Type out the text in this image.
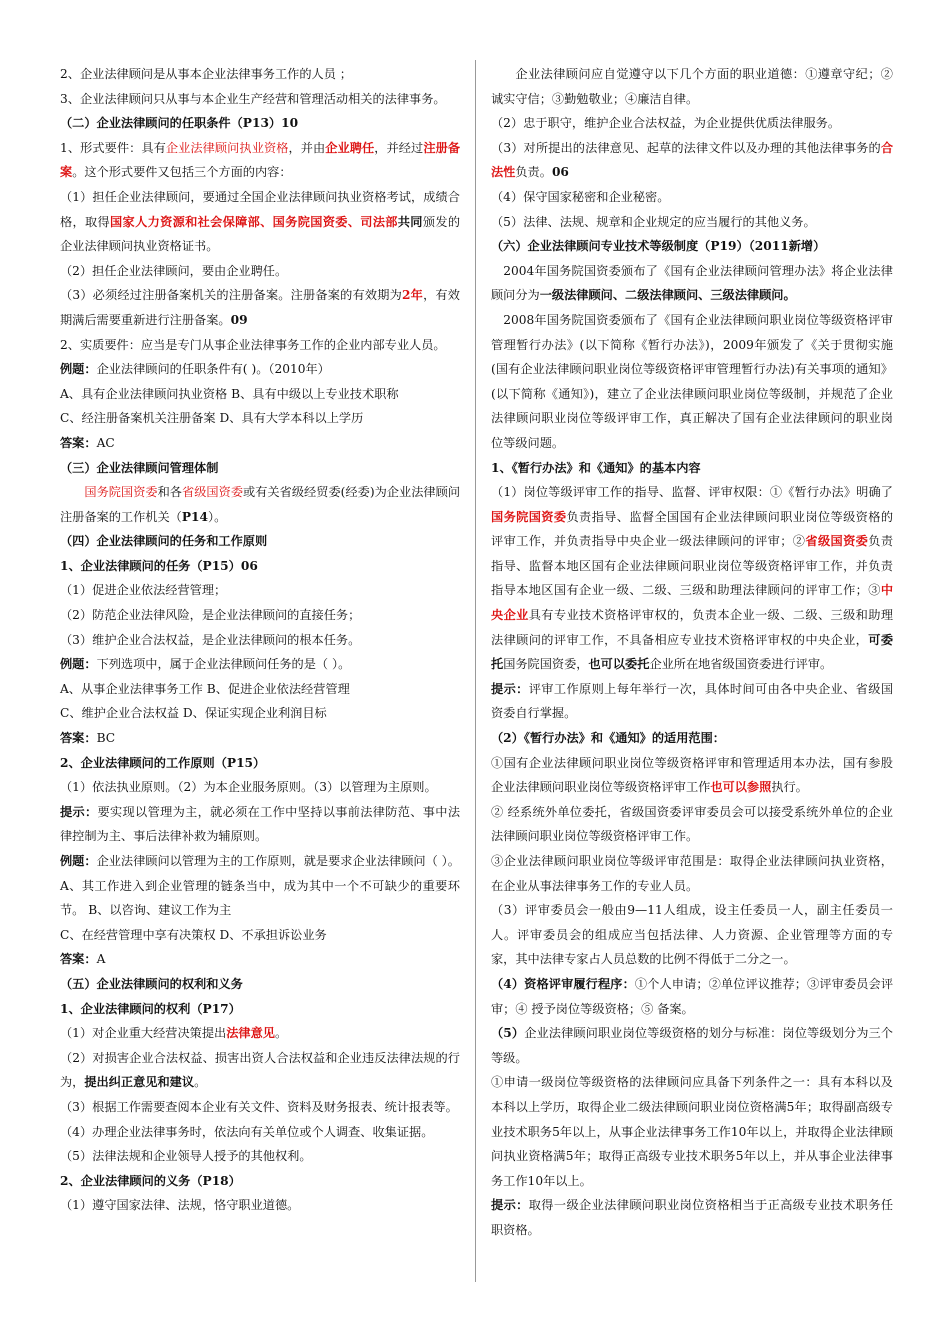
2、企业法律顾问是从事本企业法律事务工作的人员 ；

3、企业法律顾问只从事与本企业生产经营和管理活动相关的法律事务。

（二）企业法律顾问的任职条件（P13）10

1、形式要件：具有企业法律顾问执业资格，并由企业聘任，并经过注册备案。这个形式要件又包括三个方面的内容：

（1）担任企业法律顾问，要通过全国企业法律顾问执业资格考试，成绩合格，取得国家人力资源和社会保障部、国务院国资委、司法部共同颁发的企业法律顾问执业资格证书。

（2）担任企业法律顾问，要由企业聘任。

（3）必须经过注册备案机关的注册备案。注册备案的有效期为2年，有效期满后需要重新进行注册备案。09

2、实质要件：应当是专门从事企业法律事务工作的企业内部专业人员。

例题：企业法律顾问的任职条件有( )。（2010年）

A、具有企业法律顾问执业资格 B、具有中级以上专业技术职称

C、经注册备案机关注册备案 D、具有大学本科以上学历

答案：AC

（三）企业法律顾问管理体制

国务院国资委和各省级国资委或有关省级经贸委(经委)为企业法律顾问注册备案的工作机关（P14）。

（四）企业法律顾问的任务和工作原则

1、企业法律顾问的任务（P15）06

（1）促进企业依法经营管理；

（2）防范企业法律风险，是企业法律顾问的直接任务；

（3）维护企业合法权益，是企业法律顾问的根本任务。

例题：下列选项中，属于企业法律顾问任务的是（ ）。

A、从事企业法律事务工作 B、促进企业依法经营管理

C、维护企业合法权益 D、保证实现企业利润目标

答案：BC

2、企业法律顾问的工作原则（P15）

（1）依法执业原则。（2）为本企业服务原则。（3）以管理为主原则。

提示：要实现以管理为主，就必须在工作中坚持以事前法律防范、事中法律控制为主、事后法律补救为辅原则。

例题：企业法律顾问以管理为主的工作原则，就是要求企业法律顾问（ ）。

A、其工作进入到企业管理的链条当中，成为其中一个不可缺少的重要环节。 B、以咨询、建议工作为主

C、在经营管理中享有决策权 D、不承担诉讼业务

答案：A

（五）企业法律顾问的权利和义务

1、企业法律顾问的权利（P17）

（1）对企业重大经营决策提出法律意见。

（2）对损害企业合法权益、损害出资人合法权益和企业违反法律法规的行为，提出纠正意见和建议。

（3）根据工作需要查阅本企业有关文件、资料及财务报表、统计报表等。

（4）办理企业法律事务时，依法向有关单位或个人调查、收集证据。

（5）法律法规和企业领导人授予的其他权利。

2、企业法律顾问的义务（P18）

（1）遵守国家法律、法规，恪守职业道德。

企业法律顾问应自觉遵守以下几个方面的职业道德：①遵章守纪；②诚实守信；③勤勉敬业；④廉洁自律。

（2）忠于职守，维护企业合法权益，为企业提供优质法律服务。

（3）对所提出的法律意见、起草的法律文件以及办理的其他法律事务的合法性负责。06

（4）保守国家秘密和企业秘密。

（5）法律、法规、规章和企业规定的应当履行的其他义务。

（六）企业法律顾问专业技术等级制度（P19）（2011新增）

2004年国务院国资委颁布了《国有企业法律顾问管理办法》将企业法律顾问分为一级法律顾问、二级法律顾问、三级法律顾问。

2008年国务院国资委颁布了《国有企业法律顾问职业岗位等级资格评审管理暂行办法》(以下简称《暂行办法》)，2009年颁发了《关于贯彻实施(国有企业法律顾问职业岗位等级资格评审管理暂行办法)有关事项的通知》(以下简称《通知》)，建立了企业法律顾问职业岗位等级制，并规范了企业法律顾问职业岗位等级评审工作，真正解决了国有企业法律顾问的职业岗位等级问题。

1、《暂行办法》和《通知》的基本内容

（1）岗位等级评审工作的指导、监督、评审权限：①《暂行办法》明确了国务院国资委负责指导、监督全国国有企业法律顾问职业岗位等级资格的评审工作，并负责指导中央企业一级法律顾问的评审；②省级国资委负责指导、监督本地区国有企业法律顾问职业岗位等级资格评审工作，并负责指导本地区国有企业一级、二级、三级和助理法律顾问的评审工作；③中央企业具有专业技术资格评审权的，负责本企业一级、二级、三级和助理法律顾问的评审工作，不具备相应专业技术资格评审权的中央企业，可委托国务院国资委，也可以委托企业所在地省级国资委进行评审。

提示：评审工作原则上每年举行一次，具体时间可由各中央企业、省级国资委自行掌握。

（2）《暂行办法》和《通知》的适用范围：

①国有企业法律顾问职业岗位等级资格评审和管理适用本办法，国有参股企业法律顾问职业岗位等级资格评审工作也可以参照执行。

② 经系统外单位委托，省级国资委评审委员会可以接受系统外单位的企业法律顾问职业岗位等级资格评审工作。

③企业法律顾问职业岗位等级评审范围是：取得企业法律顾问执业资格，在企业从事法律事务工作的专业人员。

（3）评审委员会一般由9—11人组成，设主任委员一人，副主任委员一人。评审委员会的组成应当包括法律、人力资源、企业管理等方面的专家，其中法律专家占人员总数的比例不得低于二分之一。

（4）资格评审履行程序：①个人申请；②单位评议推荐；③评审委员会评审；④ 授予岗位等级资格；⑤ 备案。

（5）企业法律顾问职业岗位等级资格的划分与标准：岗位等级划分为三个等级。

①申请一级岗位等级资格的法律顾问应具备下列条件之一：具有本科以及本科以上学历，取得企业二级法律顾问职业岗位资格满5年；取得副高级专业技术职务5年以上，从事企业法律事务工作10年以上，并取得企业法律顾问执业资格满5年；取得正高级专业技术职务5年以上，并从事企业法律事务工作10年以上。

提示：取得一级企业法律顾问职业岗位资格相当于正高级专业技术职务任职资格。
